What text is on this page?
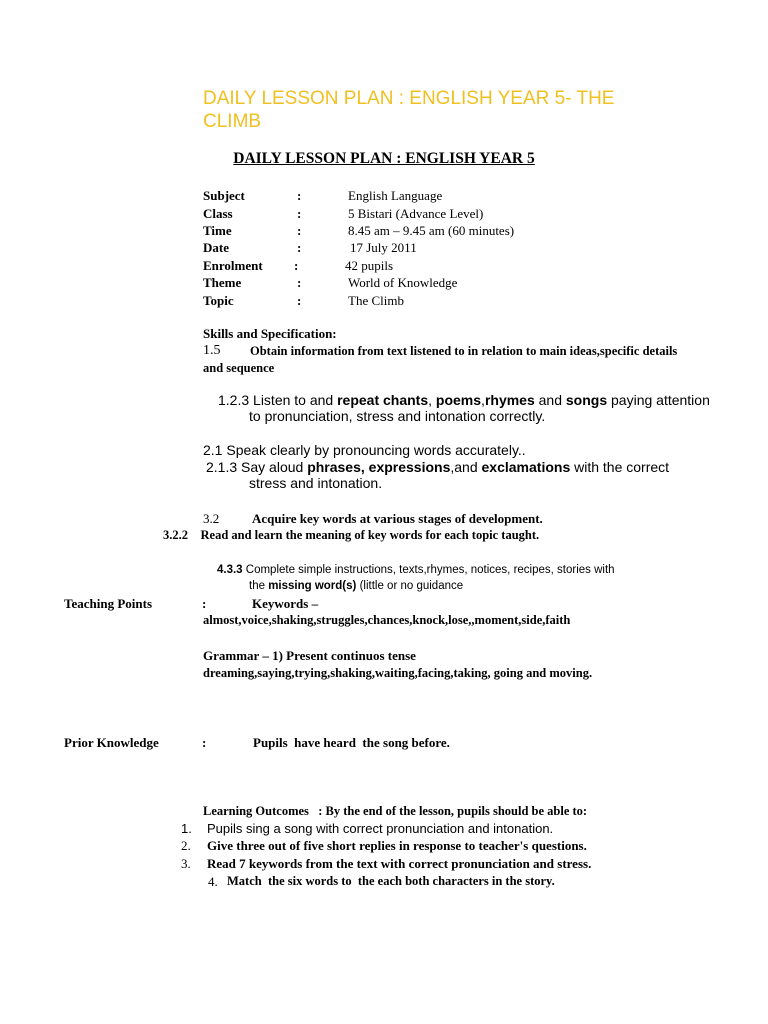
DAILY LESSON PLAN : ENGLISH YEAR 5- THE
CLIMB
DAILY LESSON PLAN : ENGLISH YEAR 5
Subject	:	English Language
Class	:	5 Bistari (Advance Level)
Time	:	8.45 am – 9.45 am (60 minutes)
Date	:	17 July 2011
Enrolment :	42 pupils
Theme	:	World of Knowledge
Topic	:	The Climb
Skills and Specification:
1.5 Obtain information from text listened to in relation to main ideas,specific details
and sequence
1.2.3 Listen to and repeat chants, poems,rhymes and songs paying attention
to pronunciation, stress and intonation correctly.
2.1 Speak clearly by pronouncing words accurately..
2.1.3 Say aloud phrases, expressions,and exclamations with the correct
stress and intonation.
3.2	Acquire key words at various stages of development.
3.2.2    Read and learn the meaning of key words for each topic taught.
4.3.3 Complete simple instructions, texts,rhymes, notices, recipes, stories with
the missing word(s) (little or no guidance
Teaching Points	:	Keywords –
almost,voice,shaking,struggles,chances,knock,lose,,moment,side,faith
Grammar – 1) Present continuos tense
dreaming,saying,trying,shaking,waiting,facing,taking, going and moving.
Prior Knowledge	:	Pupils  have heard  the song before.
Learning Outcomes   : By the end of the lesson, pupils should be able to:
1. Pupils sing a song with correct pronunciation and intonation.
2. Give three out of five short replies in response to teacher's questions.
3. Read 7 keywords from the text with correct pronunciation and stress.
4. Match  the six words to  the each both characters in the story.
